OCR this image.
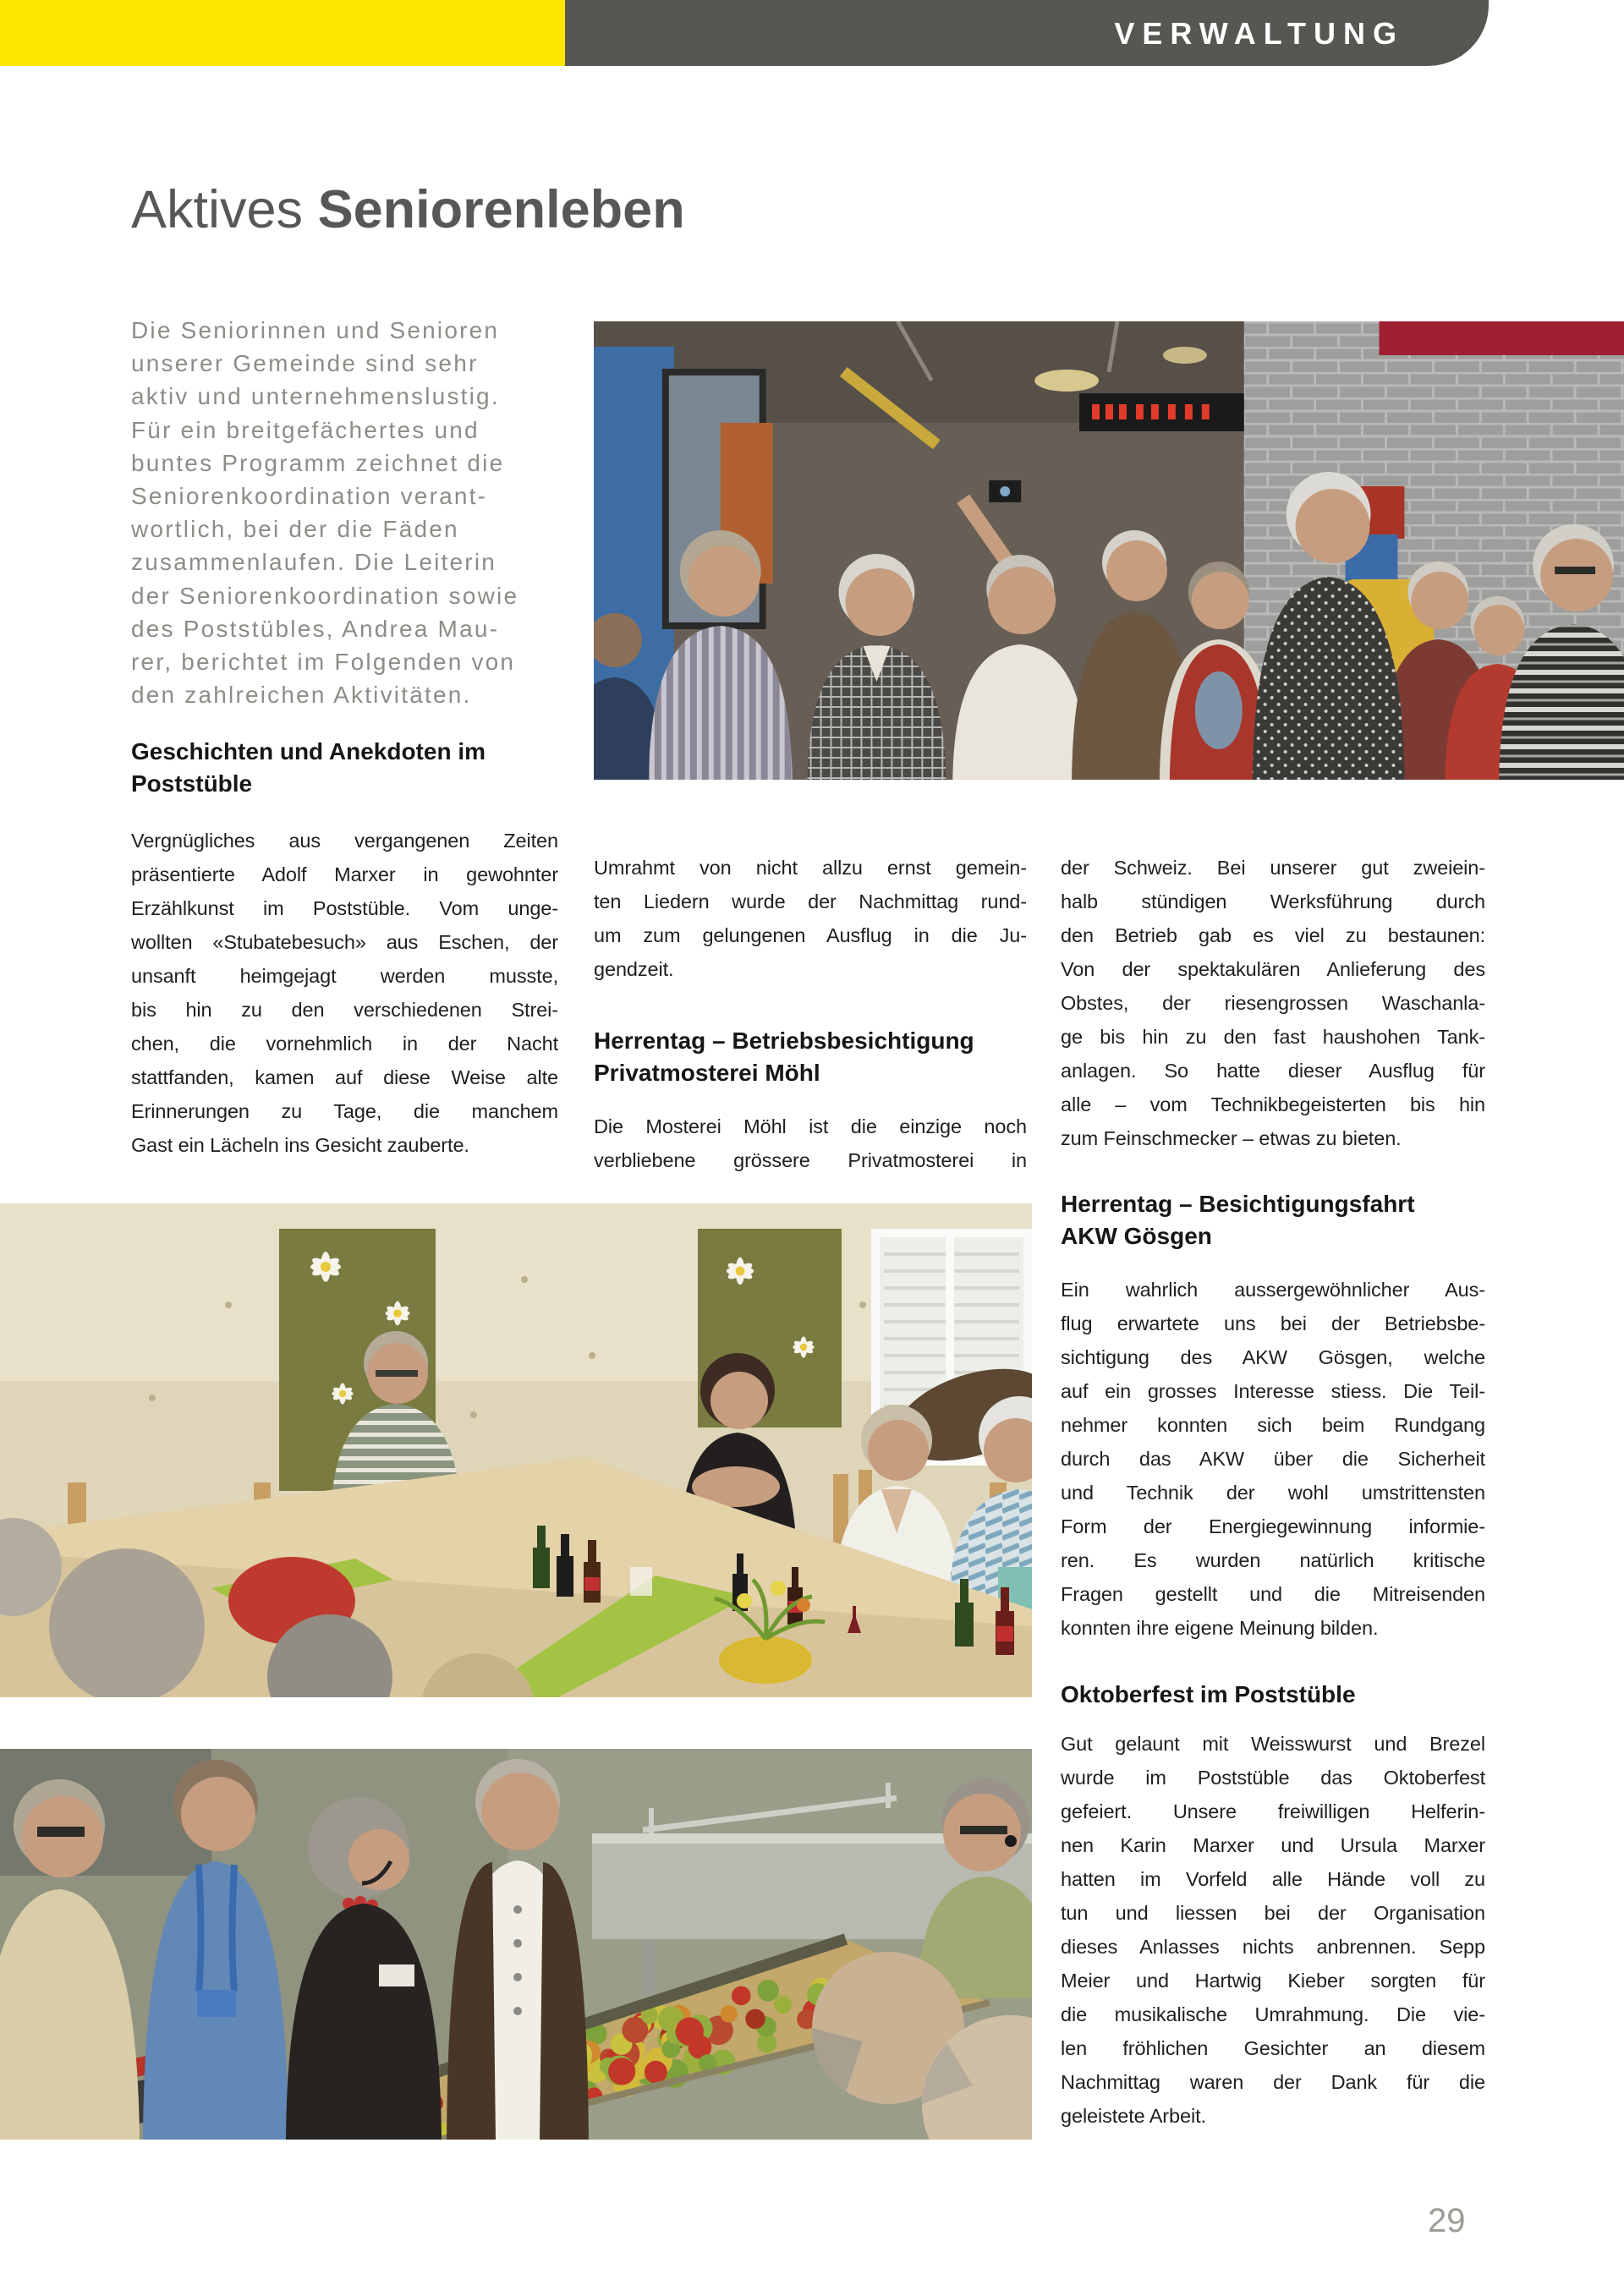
VERWALTUNG
Aktives Seniorenleben
Die Seniorinnen und Senioren
unserer Gemeinde sind sehr
aktiv und unternehmenslustig.
Für ein breitgefächertes und
buntes Programm zeichnet die
Seniorenkoordination verant-
wortlich, bei der die Fäden
zusammenlaufen. Die Leiterin
der Seniorenkoordination sowie
des Poststübles, Andrea Mau-
rer, berichtet im Folgenden von
den zahlreichen Aktivitäten.
Geschichten und Anekdoten im
Poststüble
Vergnügliches aus vergangenen Zeiten
präsentierte Adolf Marxer in gewohnter
Erzählkunst im Poststüble. Vom unge-
wollten «Stubatebesuch» aus Eschen, der
unsanft heimgejagt werden musste,
bis hin zu den verschiedenen Strei-
chen, die vornehmlich in der Nacht
stattfanden, kamen auf diese Weise alte
Erinnerungen zu Tage, die manchem
Gast ein Lächeln ins Gesicht zauberte.
Umrahmt von nicht allzu ernst gemein-
ten Liedern wurde der Nachmittag rund-
um zum gelungenen Ausflug in die Ju-
gendzeit.
Herrentag – Betriebsbesichtigung
Privatmosterei Möhl
Die Mosterei Möhl ist die einzige noch
verbliebene grössere Privatmosterei in
der Schweiz. Bei unserer gut zweiein-
halb stündigen Werksführung durch
den Betrieb gab es viel zu bestaunen:
Von der spektakulären Anlieferung des
Obstes, der riesengrossen Waschanla-
ge bis hin zu den fast haushohen Tank-
anlagen. So hatte dieser Ausflug für
alle – vom Technikbegeisterten bis hin
zum Feinschmecker – etwas zu bieten.
Herrentag – Besichtigungsfahrt
AKW Gösgen
Ein wahrlich aussergewöhnlicher Aus-
flug erwartete uns bei der Betriebsbe-
sichtigung des AKW Gösgen, welche
auf ein grosses Interesse stiess. Die Teil-
nehmer konnten sich beim Rundgang
durch das AKW über die Sicherheit
und Technik der wohl umstrittensten
Form der Energiegewinnung informie-
ren. Es wurden natürlich kritische
Fragen gestellt und die Mitreisenden
konnten ihre eigene Meinung bilden.
Oktoberfest im Poststüble
Gut gelaunt mit Weisswurst und Brezel
wurde im Poststüble das Oktoberfest
gefeiert. Unsere freiwilligen Helferin-
nen Karin Marxer und Ursula Marxer
hatten im Vorfeld alle Hände voll zu
tun und liessen bei der Organisation
dieses Anlasses nichts anbrennen. Sepp
Meier und Hartwig Kieber sorgten für
die musikalische Umrahmung. Die vie-
len fröhlichen Gesichter an diesem
Nachmittag waren der Dank für die
geleistete Arbeit.
29
